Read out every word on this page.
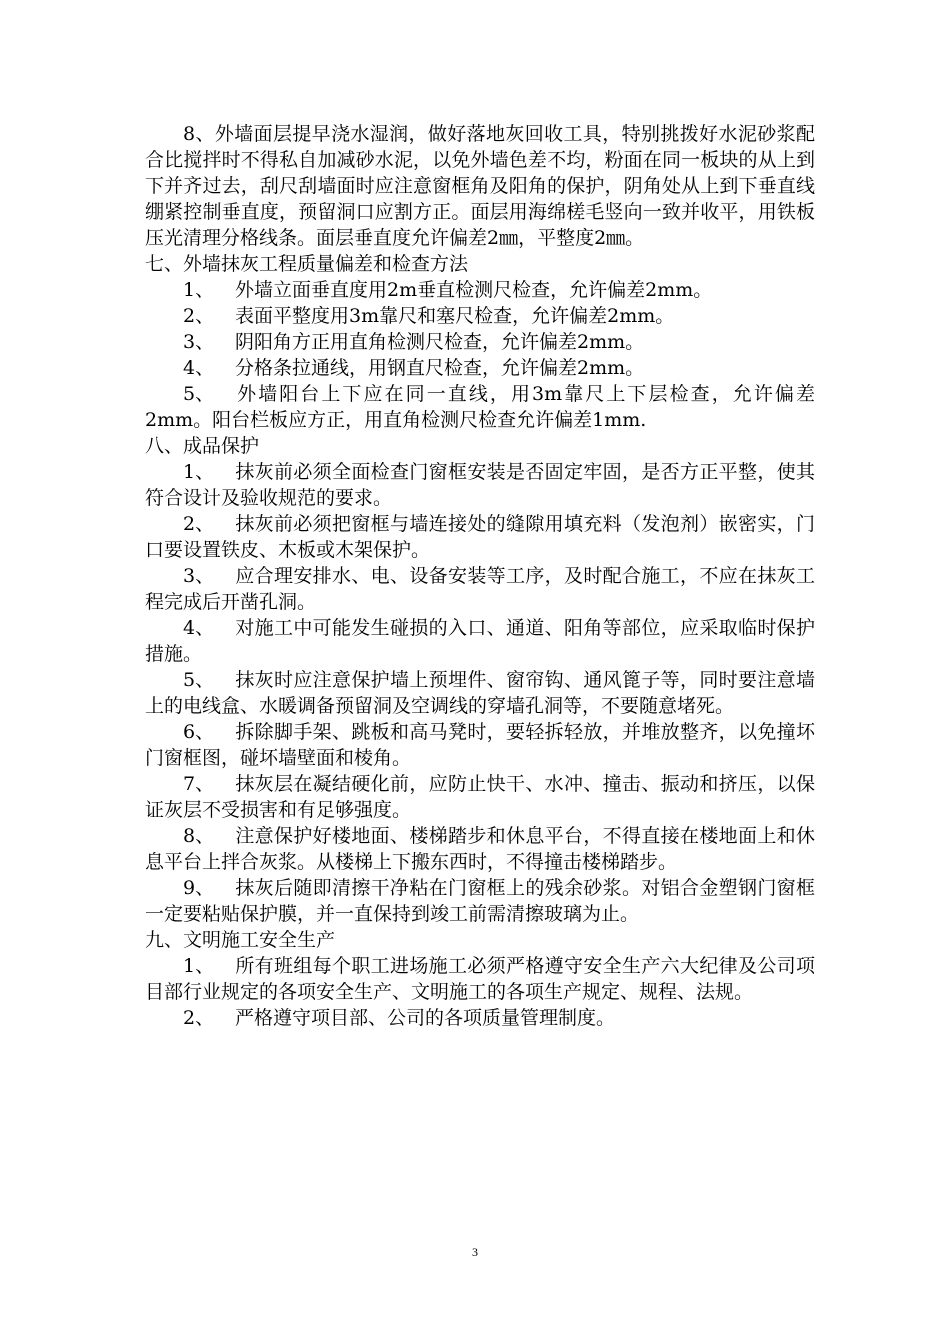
8、外墙面层提早浇水湿润，做好落地灰回收工具，特别挑拨好水泥砂浆配合比搅拌时不得私自加减砂水泥，以免外墙色差不均，粉面在同一板块的从上到下并齐过去，刮尺刮墙面时应注意窗框角及阳角的保护，阴角处从上到下垂直线绷紧控制垂直度，预留洞口应割方正。面层用海绵槎毛竖向一致并收平，用铁板压光清理分格线条。面层垂直度允许偏差2㎜，平整度2㎜。

七、外墙抹灰工程质量偏差和检查方法

1、 外墙立面垂直度用2m垂直检测尺检查，允许偏差2mm。

2、 表面平整度用3m靠尺和塞尺检查，允许偏差2mm。

3、 阴阳角方正用直角检测尺检查，允许偏差2mm。

4、 分格条拉通线，用钢直尺检查，允许偏差2mm。

5、 外墙阳台上下应在同一直线，用3m靠尺上下层检查，允许偏差2mm。阳台栏板应方正，用直角检测尺检查允许偏差1mm.

八、成品保护

1、 抹灰前必须全面检查门窗框安装是否固定牢固，是否方正平整，使其符合设计及验收规范的要求。

2、 抹灰前必须把窗框与墙连接处的缝隙用填充料（发泡剂）嵌密实，门口要设置铁皮、木板或木架保护。

3、 应合理安排水、电、设备安装等工序，及时配合施工，不应在抹灰工程完成后开凿孔洞。

4、 对施工中可能发生碰损的入口、通道、阳角等部位，应采取临时保护措施。

5、 抹灰时应注意保护墙上预埋件、窗帘钩、通风篦子等，同时要注意墙上的电线盒、水暖调备预留洞及空调线的穿墙孔洞等，不要随意堵死。

6、 拆除脚手架、跳板和高马凳时，要轻拆轻放，并堆放整齐，以免撞坏门窗框图，碰坏墙壁面和棱角。

7、 抹灰层在凝结硬化前，应防止快干、水冲、撞击、振动和挤压，以保证灰层不受损害和有足够强度。

8、 注意保护好楼地面、楼梯踏步和休息平台，不得直接在楼地面上和休息平台上拌合灰浆。从楼梯上下搬东西时，不得撞击楼梯踏步。

9、 抹灰后随即清擦干净粘在门窗框上的残余砂浆。对铝合金塑钢门窗框一定要粘贴保护膜，并一直保持到竣工前需清擦玻璃为止。

九、文明施工安全生产

1、 所有班组每个职工进场施工必须严格遵守安全生产六大纪律及公司项目部行业规定的各项安全生产、文明施工的各项生产规定、规程、法规。

2、 严格遵守项目部、公司的各项质量管理制度。

3
